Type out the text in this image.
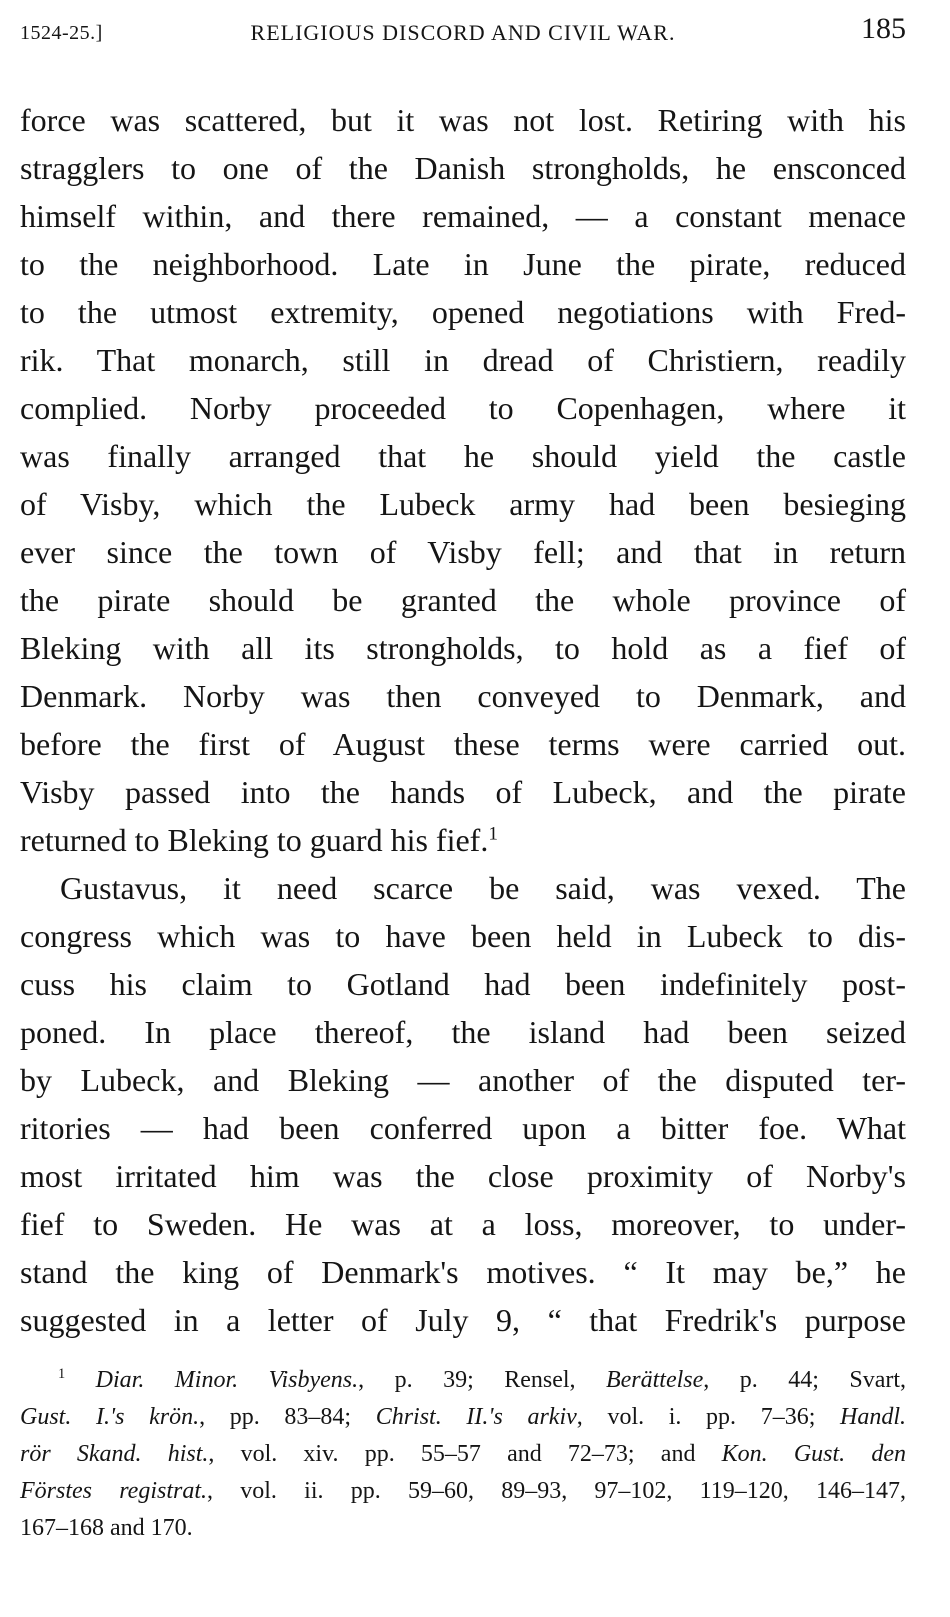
1524-25.]	RELIGIOUS DISCORD AND CIVIL WAR.	185
force was scattered, but it was not lost. Retiring with his
stragglers to one of the Danish strongholds, he ensconced
himself within, and there remained, — a constant menace
to the neighborhood. Late in June the pirate, reduced
to the utmost extremity, opened negotiations with Fred-
rik. That monarch, still in dread of Christiern, readily
complied. Norby proceeded to Copenhagen, where it
was finally arranged that he should yield the castle
of Visby, which the Lubeck army had been besieging
ever since the town of Visby fell; and that in return
the pirate should be granted the whole province of
Bleking with all its strongholds, to hold as a fief of
Denmark. Norby was then conveyed to Denmark, and
before the first of August these terms were carried out.
Visby passed into the hands of Lubeck, and the pirate
returned to Bleking to guard his fief.$^1$
Gustavus, it need scarce be said, was vexed. The
congress which was to have been held in Lubeck to dis-
cuss his claim to Gotland had been indefinitely post-
poned. In place thereof, the island had been seized
by Lubeck, and Bleking — another of the disputed ter-
ritories — had been conferred upon a bitter foe. What
most irritated him was the close proximity of Norby's
fief to Sweden. He was at a loss, moreover, to under-
stand the king of Denmark's motives. “ It may be,” he
suggested in a letter of July 9, “ that Fredrik's purpose
$^1$ Diar. Minor. Visbyens., p. 39; Rensel, Berättelse, p. 44; Svart,
Gust. I.'s krön., pp. 83–84; Christ. II.'s arkiv, vol. i. pp. 7–36; Handl.
rör Skand. hist., vol. xiv. pp. 55–57 and 72–73; and Kon. Gust. den
Förstes registrat., vol. ii. pp. 59–60, 89–93, 97–102, 119–120, 146–147,
167–168 and 170.
